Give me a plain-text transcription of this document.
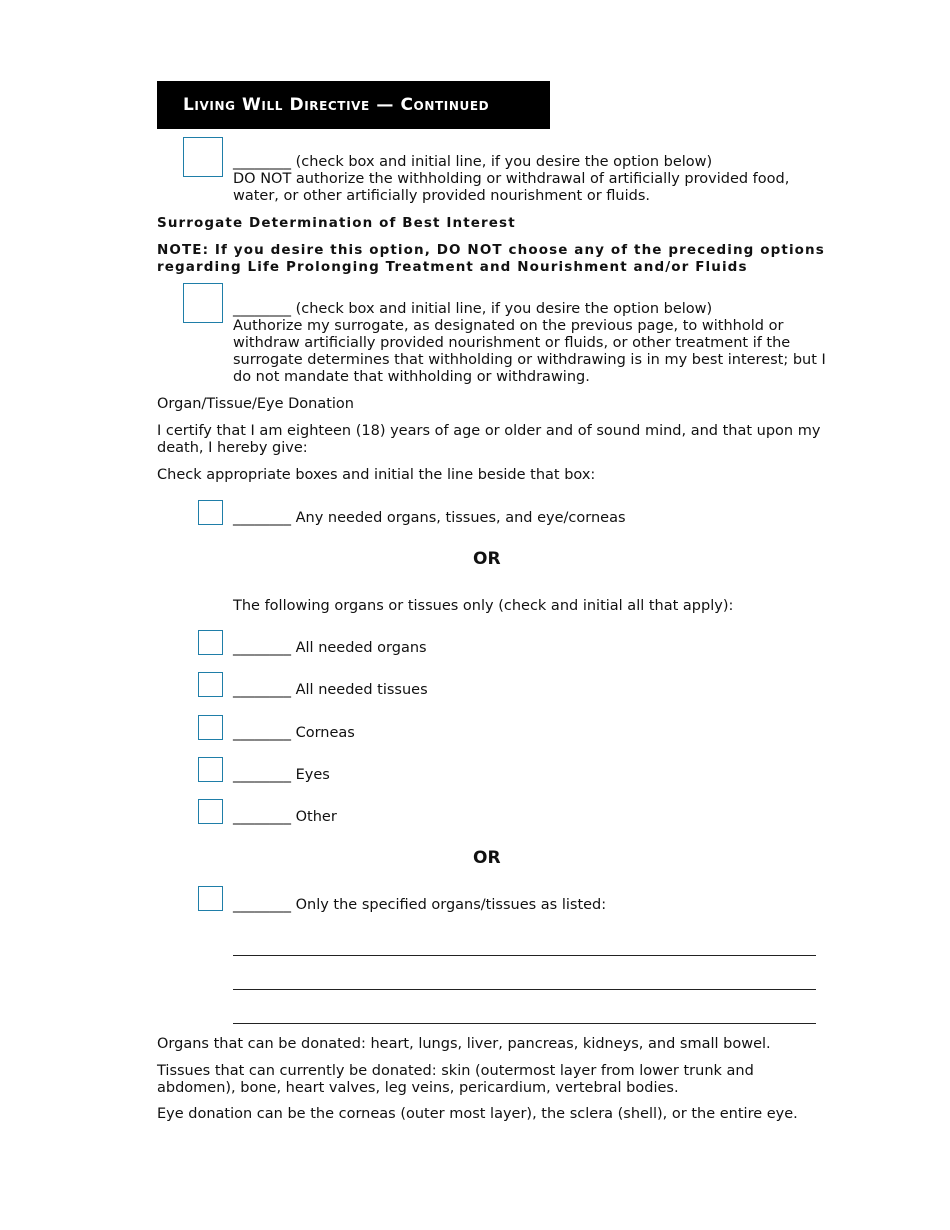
Living Will Directive — Continued
________ (check box and initial line, if you desire the option below)
DO NOT authorize the withholding or withdrawal of artificially provided food,
water, or other artificially provided nourishment or fluids.
Surrogate Determination of Best Interest
NOTE: If you desire this option, DO NOT choose any of the preceding options
regarding Life Prolonging Treatment and Nourishment and/or Fluids
________ (check box and initial line, if you desire the option below)
Authorize my surrogate, as designated on the previous page, to withhold or
withdraw artificially provided nourishment or fluids, or other treatment if the
surrogate determines that withholding or withdrawing is in my best interest; but I
do not mandate that withholding or withdrawing.
Organ/Tissue/Eye Donation
I certify that I am eighteen (18) years of age or older and of sound mind, and that upon my
death, I hereby give:
Check appropriate boxes and initial the line beside that box:
________ Any needed organs, tissues, and eye/corneas
OR
The following organs or tissues only (check and initial all that apply):
________ All needed organs
________ All needed tissues
________ Corneas
________ Eyes
________ Other
OR
________ Only the specified organs/tissues as listed:
Organs that can be donated: heart, lungs, liver, pancreas, kidneys, and small bowel.
Tissues that can currently be donated: skin (outermost layer from lower trunk and
abdomen), bone, heart valves, leg veins, pericardium, vertebral bodies.
Eye donation can be the corneas (outer most layer), the sclera (shell), or the entire eye.
